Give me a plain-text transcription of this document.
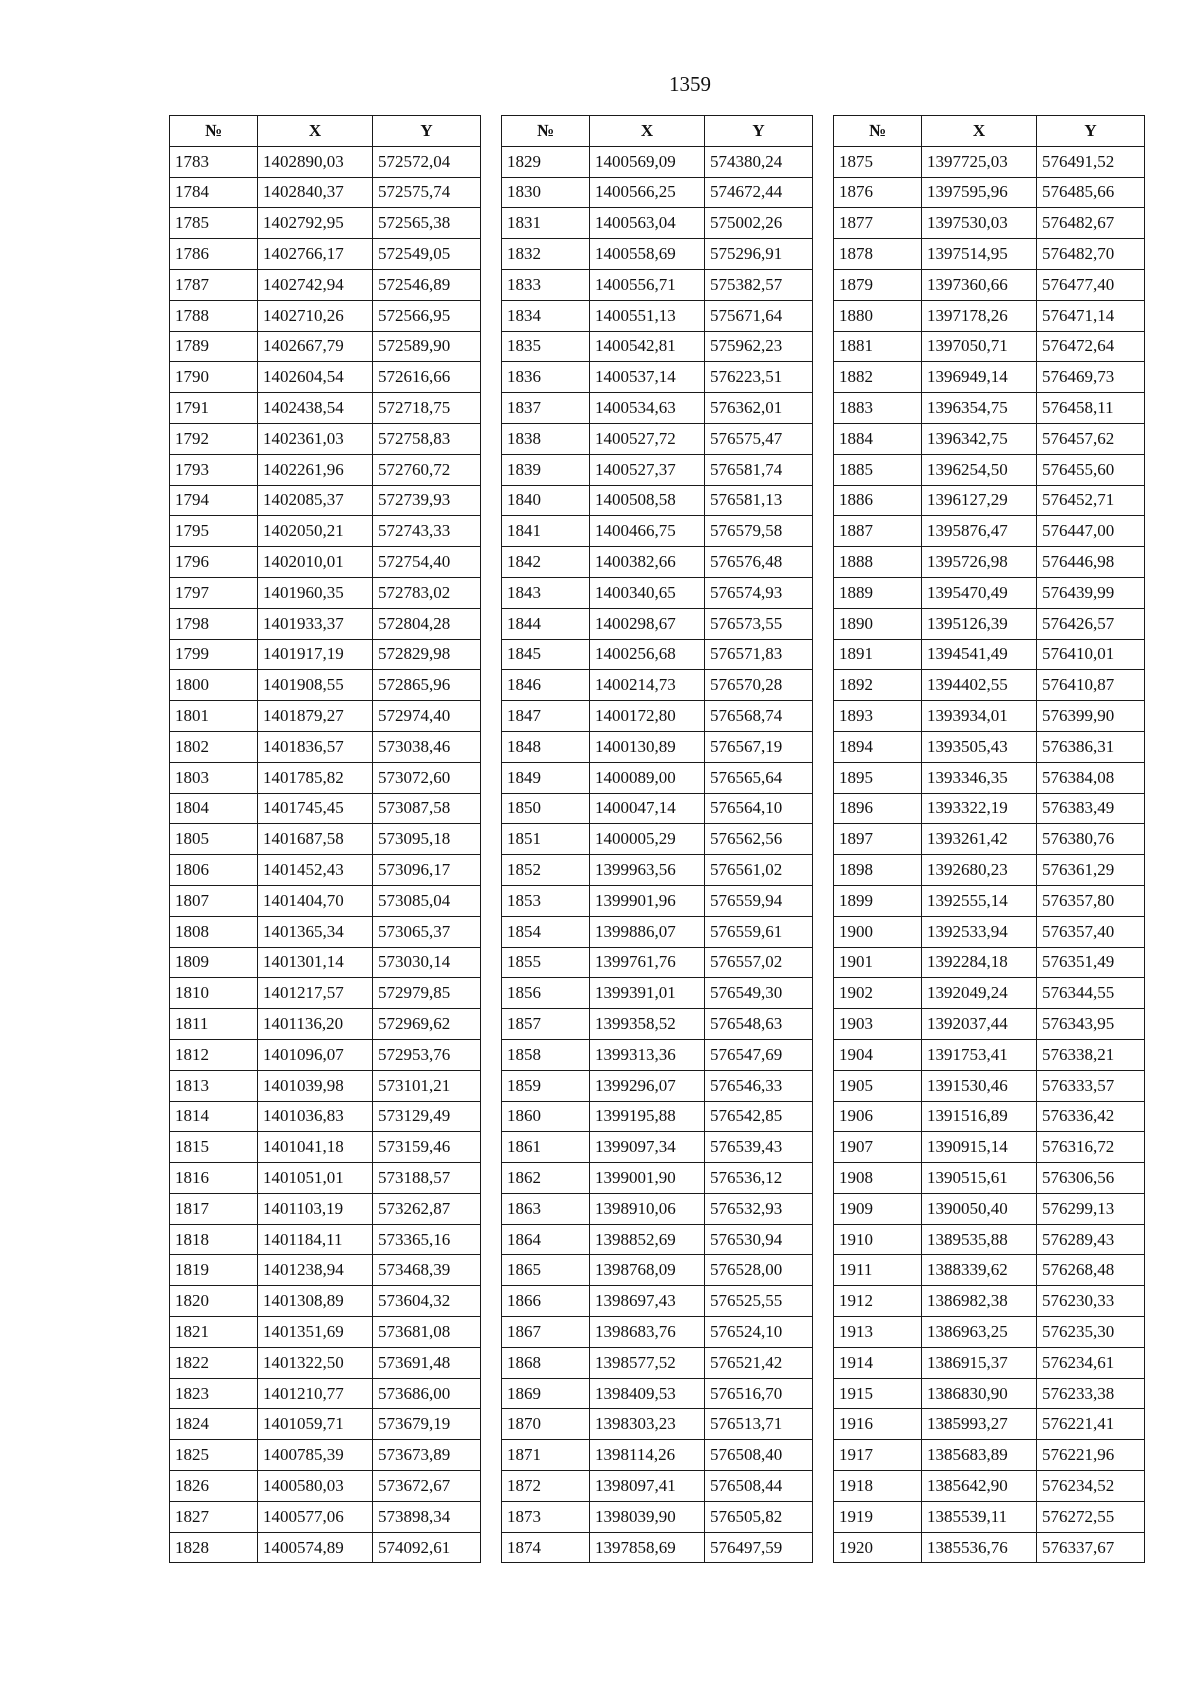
1359
№	X	Y
1783	1402890,03	572572,04
1784	1402840,37	572575,74
1785	1402792,95	572565,38
1786	1402766,17	572549,05
1787	1402742,94	572546,89
1788	1402710,26	572566,95
1789	1402667,79	572589,90
1790	1402604,54	572616,66
1791	1402438,54	572718,75
1792	1402361,03	572758,83
1793	1402261,96	572760,72
1794	1402085,37	572739,93
1795	1402050,21	572743,33
1796	1402010,01	572754,40
1797	1401960,35	572783,02
1798	1401933,37	572804,28
1799	1401917,19	572829,98
1800	1401908,55	572865,96
1801	1401879,27	572974,40
1802	1401836,57	573038,46
1803	1401785,82	573072,60
1804	1401745,45	573087,58
1805	1401687,58	573095,18
1806	1401452,43	573096,17
1807	1401404,70	573085,04
1808	1401365,34	573065,37
1809	1401301,14	573030,14
1810	1401217,57	572979,85
1811	1401136,20	572969,62
1812	1401096,07	572953,76
1813	1401039,98	573101,21
1814	1401036,83	573129,49
1815	1401041,18	573159,46
1816	1401051,01	573188,57
1817	1401103,19	573262,87
1818	1401184,11	573365,16
1819	1401238,94	573468,39
1820	1401308,89	573604,32
1821	1401351,69	573681,08
1822	1401322,50	573691,48
1823	1401210,77	573686,00
1824	1401059,71	573679,19
1825	1400785,39	573673,89
1826	1400580,03	573672,67
1827	1400577,06	573898,34
1828	1400574,89	574092,61
№	X	Y
1829	1400569,09	574380,24
1830	1400566,25	574672,44
1831	1400563,04	575002,26
1832	1400558,69	575296,91
1833	1400556,71	575382,57
1834	1400551,13	575671,64
1835	1400542,81	575962,23
1836	1400537,14	576223,51
1837	1400534,63	576362,01
1838	1400527,72	576575,47
1839	1400527,37	576581,74
1840	1400508,58	576581,13
1841	1400466,75	576579,58
1842	1400382,66	576576,48
1843	1400340,65	576574,93
1844	1400298,67	576573,55
1845	1400256,68	576571,83
1846	1400214,73	576570,28
1847	1400172,80	576568,74
1848	1400130,89	576567,19
1849	1400089,00	576565,64
1850	1400047,14	576564,10
1851	1400005,29	576562,56
1852	1399963,56	576561,02
1853	1399901,96	576559,94
1854	1399886,07	576559,61
1855	1399761,76	576557,02
1856	1399391,01	576549,30
1857	1399358,52	576548,63
1858	1399313,36	576547,69
1859	1399296,07	576546,33
1860	1399195,88	576542,85
1861	1399097,34	576539,43
1862	1399001,90	576536,12
1863	1398910,06	576532,93
1864	1398852,69	576530,94
1865	1398768,09	576528,00
1866	1398697,43	576525,55
1867	1398683,76	576524,10
1868	1398577,52	576521,42
1869	1398409,53	576516,70
1870	1398303,23	576513,71
1871	1398114,26	576508,40
1872	1398097,41	576508,44
1873	1398039,90	576505,82
1874	1397858,69	576497,59
№	X	Y
1875	1397725,03	576491,52
1876	1397595,96	576485,66
1877	1397530,03	576482,67
1878	1397514,95	576482,70
1879	1397360,66	576477,40
1880	1397178,26	576471,14
1881	1397050,71	576472,64
1882	1396949,14	576469,73
1883	1396354,75	576458,11
1884	1396342,75	576457,62
1885	1396254,50	576455,60
1886	1396127,29	576452,71
1887	1395876,47	576447,00
1888	1395726,98	576446,98
1889	1395470,49	576439,99
1890	1395126,39	576426,57
1891	1394541,49	576410,01
1892	1394402,55	576410,87
1893	1393934,01	576399,90
1894	1393505,43	576386,31
1895	1393346,35	576384,08
1896	1393322,19	576383,49
1897	1393261,42	576380,76
1898	1392680,23	576361,29
1899	1392555,14	576357,80
1900	1392533,94	576357,40
1901	1392284,18	576351,49
1902	1392049,24	576344,55
1903	1392037,44	576343,95
1904	1391753,41	576338,21
1905	1391530,46	576333,57
1906	1391516,89	576336,42
1907	1390915,14	576316,72
1908	1390515,61	576306,56
1909	1390050,40	576299,13
1910	1389535,88	576289,43
1911	1388339,62	576268,48
1912	1386982,38	576230,33
1913	1386963,25	576235,30
1914	1386915,37	576234,61
1915	1386830,90	576233,38
1916	1385993,27	576221,41
1917	1385683,89	576221,96
1918	1385642,90	576234,52
1919	1385539,11	576272,55
1920	1385536,76	576337,67
